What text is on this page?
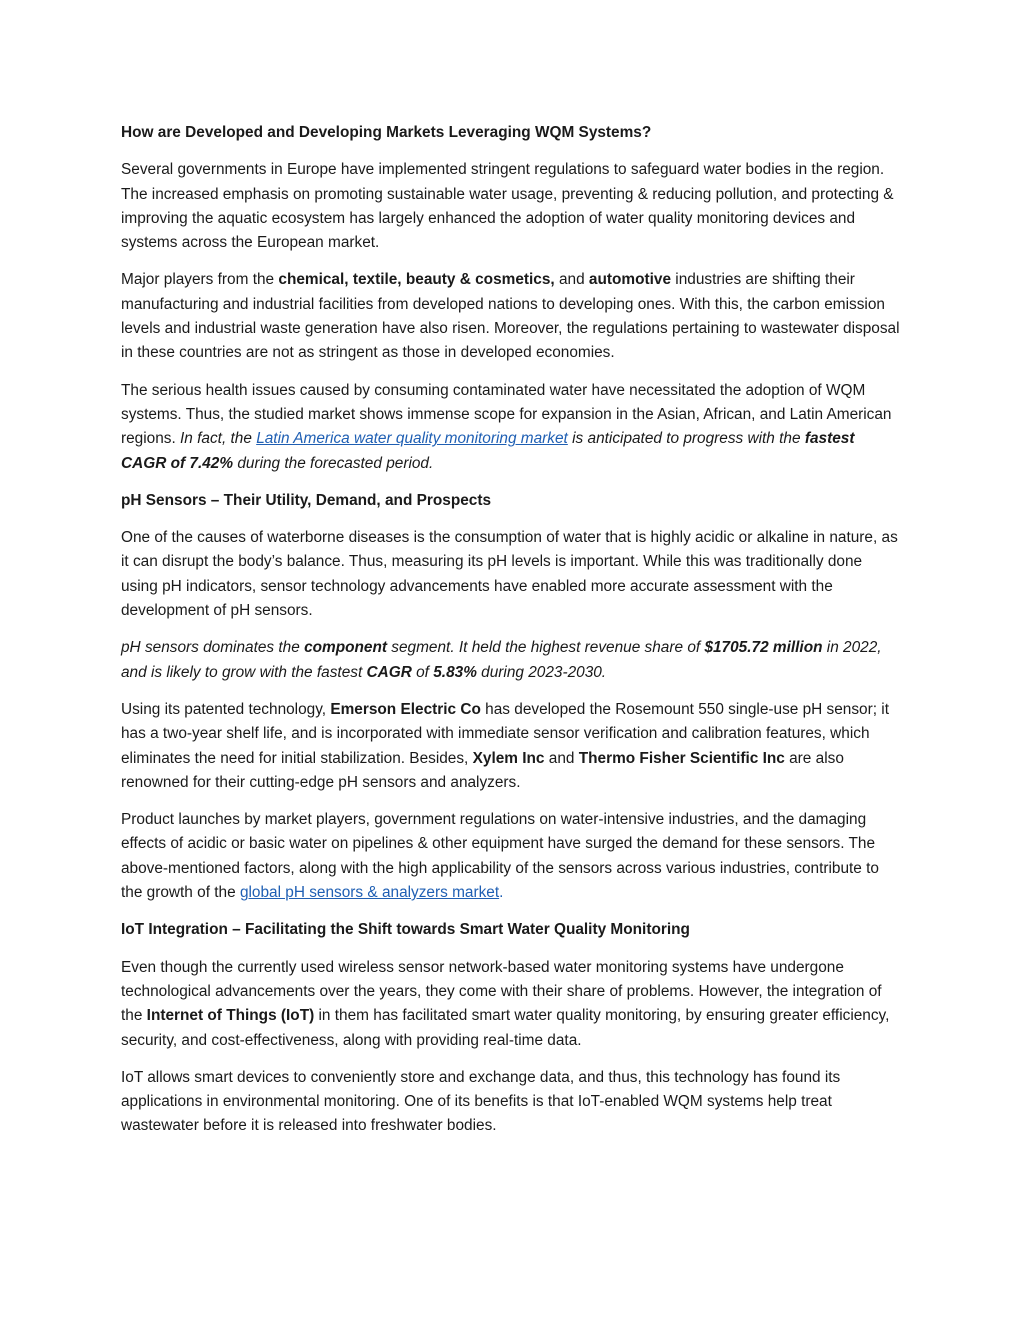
How are Developed and Developing Markets Leveraging WQM Systems?

Several governments in Europe have implemented stringent regulations to safeguard water bodies in the region. The increased emphasis on promoting sustainable water usage, preventing & reducing pollution, and protecting & improving the aquatic ecosystem has largely enhanced the adoption of water quality monitoring devices and systems across the European market.

Major players from the chemical, textile, beauty & cosmetics, and automotive industries are shifting their manufacturing and industrial facilities from developed nations to developing ones. With this, the carbon emission levels and industrial waste generation have also risen. Moreover, the regulations pertaining to wastewater disposal in these countries are not as stringent as those in developed economies.

The serious health issues caused by consuming contaminated water have necessitated the adoption of WQM systems. Thus, the studied market shows immense scope for expansion in the Asian, African, and Latin American regions. In fact, the Latin America water quality monitoring market is anticipated to progress with the fastest CAGR of 7.42% during the forecasted period.

pH Sensors – Their Utility, Demand, and Prospects

One of the causes of waterborne diseases is the consumption of water that is highly acidic or alkaline in nature, as it can disrupt the body’s balance. Thus, measuring its pH levels is important. While this was traditionally done using pH indicators, sensor technology advancements have enabled more accurate assessment with the development of pH sensors.

pH sensors dominates the component segment. It held the highest revenue share of $1705.72 million in 2022, and is likely to grow with the fastest CAGR of 5.83% during 2023-2030.

Using its patented technology, Emerson Electric Co has developed the Rosemount 550 single-use pH sensor; it has a two-year shelf life, and is incorporated with immediate sensor verification and calibration features, which eliminates the need for initial stabilization. Besides, Xylem Inc and Thermo Fisher Scientific Inc are also renowned for their cutting-edge pH sensors and analyzers.

Product launches by market players, government regulations on water-intensive industries, and the damaging effects of acidic or basic water on pipelines & other equipment have surged the demand for these sensors. The above-mentioned factors, along with the high applicability of the sensors across various industries, contribute to the growth of the global pH sensors & analyzers market.

IoT Integration – Facilitating the Shift towards Smart Water Quality Monitoring

Even though the currently used wireless sensor network-based water monitoring systems have undergone technological advancements over the years, they come with their share of problems. However, the integration of the Internet of Things (IoT) in them has facilitated smart water quality monitoring, by ensuring greater efficiency, security, and cost-effectiveness, along with providing real-time data.

IoT allows smart devices to conveniently store and exchange data, and thus, this technology has found its applications in environmental monitoring. One of its benefits is that IoT-enabled WQM systems help treat wastewater before it is released into freshwater bodies.
